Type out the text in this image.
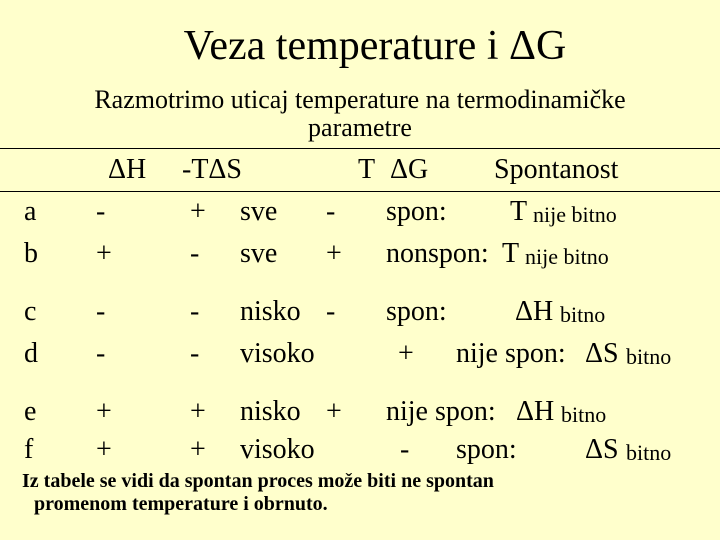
Veza temperature i ΔG
Razmotrimo uticaj temperature na termodinamičke parametre
ΔH -TΔS	T ΔG Spontanost
a
b
-
+
+
-
sve
sve
-
+
spon: T nije bitno
nonspon: T nije bitno
c
d
-
-
-
-
nisko
visoko
-
+
spon: ΔH bitno
nije spon: ΔS bitno
e
f
+
+
+
+
nisko
visoko
+
-
nije spon: ΔH bitno
spon: ΔS bitno
Iz tabele se vidi da spontan proces može biti ne spontan
promenom temperature i obrnuto.
